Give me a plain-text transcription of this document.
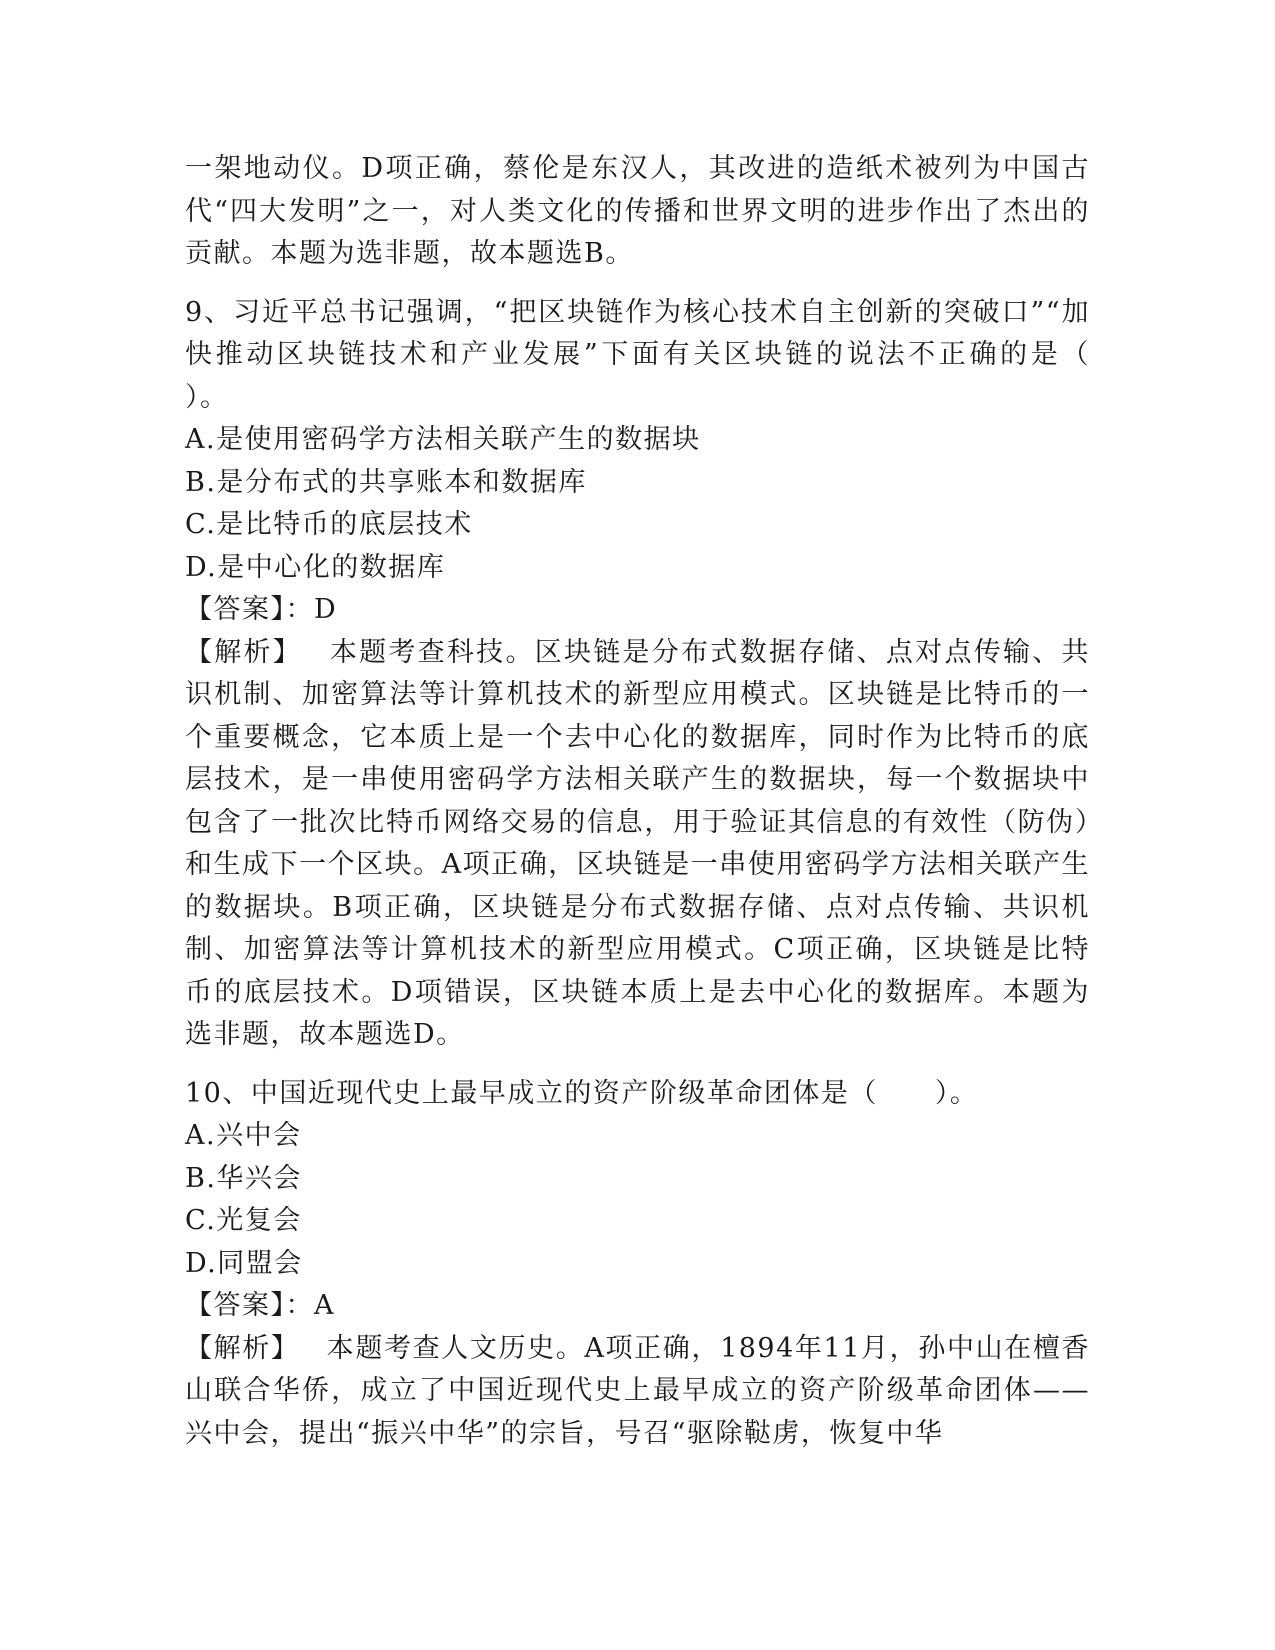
一架地动仪。D项正确，蔡伦是东汉人，其改进的造纸术被列为中国古代“四大发明”之一，对人类文化的传播和世界文明的进步作出了杰出的贡献。本题为选非题，故本题选B。

9、习近平总书记强调，“把区块链作为核心技术自主创新的突破口”“加快推动区块链技术和产业发展”下面有关区块链的说法不正确的是（　　）。

A.是使用密码学方法相关联产生的数据块

B.是分布式的共享账本和数据库

C.是比特币的底层技术

D.是中心化的数据库

【答案】：D

【解析】 本题考查科技。区块链是分布式数据存储、点对点传输、共识机制、加密算法等计算机技术的新型应用模式。区块链是比特币的一个重要概念，它本质上是一个去中心化的数据库，同时作为比特币的底层技术，是一串使用密码学方法相关联产生的数据块，每一个数据块中包含了一批次比特币网络交易的信息，用于验证其信息的有效性（防伪）和生成下一个区块。A项正确，区块链是一串使用密码学方法相关联产生的数据块。B项正确，区块链是分布式数据存储、点对点传输、共识机制、加密算法等计算机技术的新型应用模式。C项正确，区块链是比特币的底层技术。D项错误，区块链本质上是去中心化的数据库。本题为选非题，故本题选D。

10、中国近现代史上最早成立的资产阶级革命团体是（　　）。

A.兴中会

B.华兴会

C.光复会

D.同盟会

【答案】：A

【解析】 本题考查人文历史。A项正确，1894年11月，孙中山在檀香山联合华侨，成立了中国近现代史上最早成立的资产阶级革命团体——兴中会，提出“振兴中华”的宗旨，号召“驱除鞑虏，恢复中华
